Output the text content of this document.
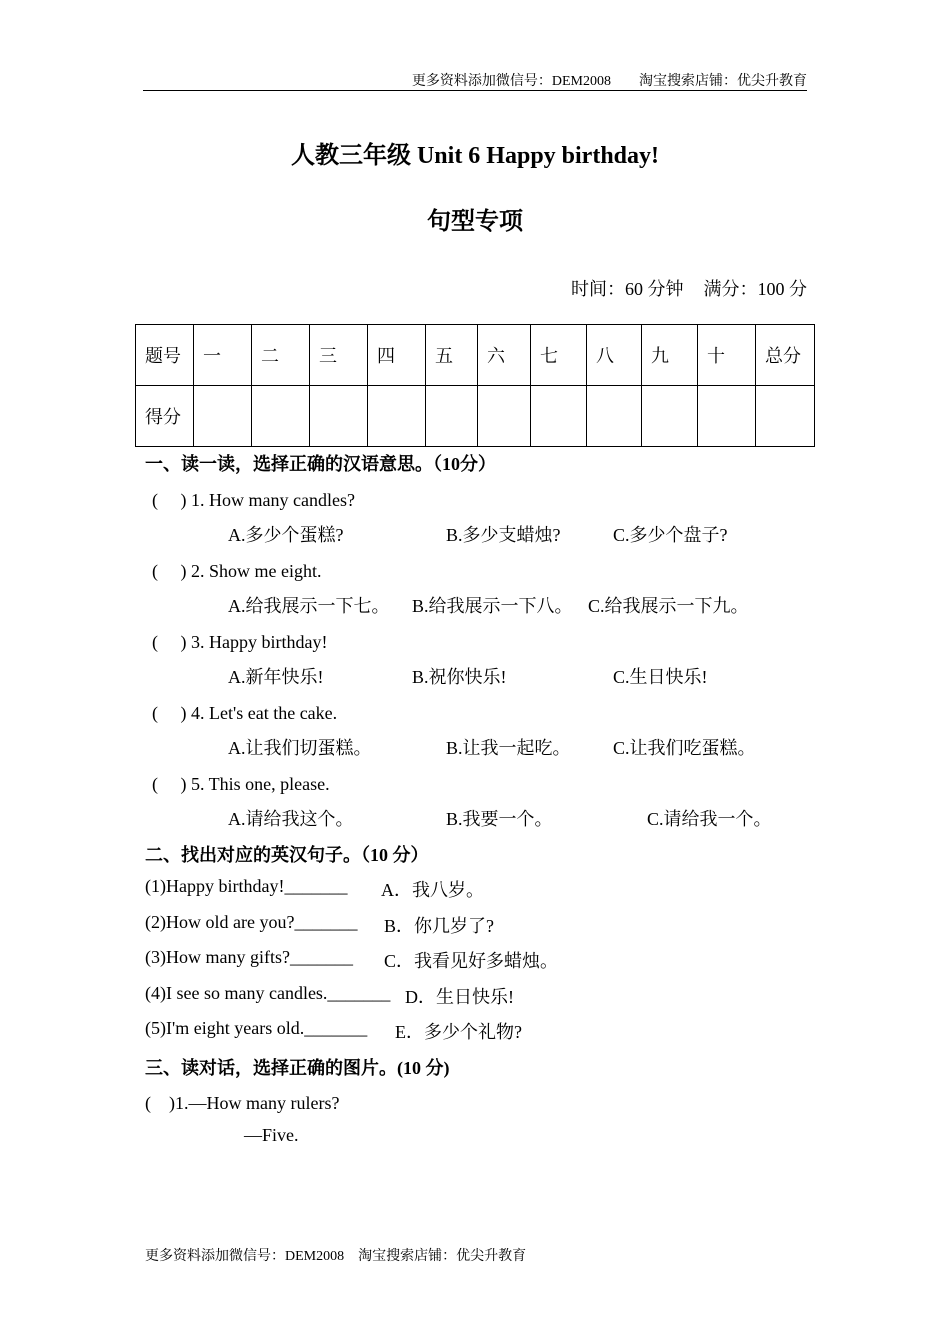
更多资料添加微信号：DEM2008　　淘宝搜索店铺：优尖升教育
人教三年级 Unit 6 Happy birthday!
句型专项
时间：60 分钟 满分：100 分
题号	一	二	三	四	五	六	七	八	九	十	总分
得分											
一、读一读，选择正确的汉语意思。（10分）
(　 ) 1. How many candles?
A.多少个蛋糕?	B.多少支蜡烛?	C.多少个盘子?
(　 ) 2. Show me eight.
A.给我展示一下七。 B.给我展示一下八。 C.给我展示一下九。
(　 ) 3. Happy birthday!
A.新年快乐!	B.祝你快乐!	C.生日快乐!
(　 ) 4. Let's eat the cake.
A.让我们切蛋糕。	B.让我一起吃。 C.让我们吃蛋糕。
(　 ) 5. This one, please.
A.请给我这个。	B.我要一个。	C.请给我一个。
二、找出对应的英汉句子。（10 分）
(1)Happy birthday!_______ A．我八岁。
(2)How old are you?_______ B．你几岁了?
(3)How many gifts?_______ C．我看见好多蜡烛。
(4)I see so many candles._______ D．生日快乐!
(5)I'm eight years old._______ E．多少个礼物?
三、读对话，选择正确的图片。(10 分)
(　)1.—How many rulers?
—Five.
更多资料添加微信号：DEM2008　淘宝搜索店铺：优尖升教育
